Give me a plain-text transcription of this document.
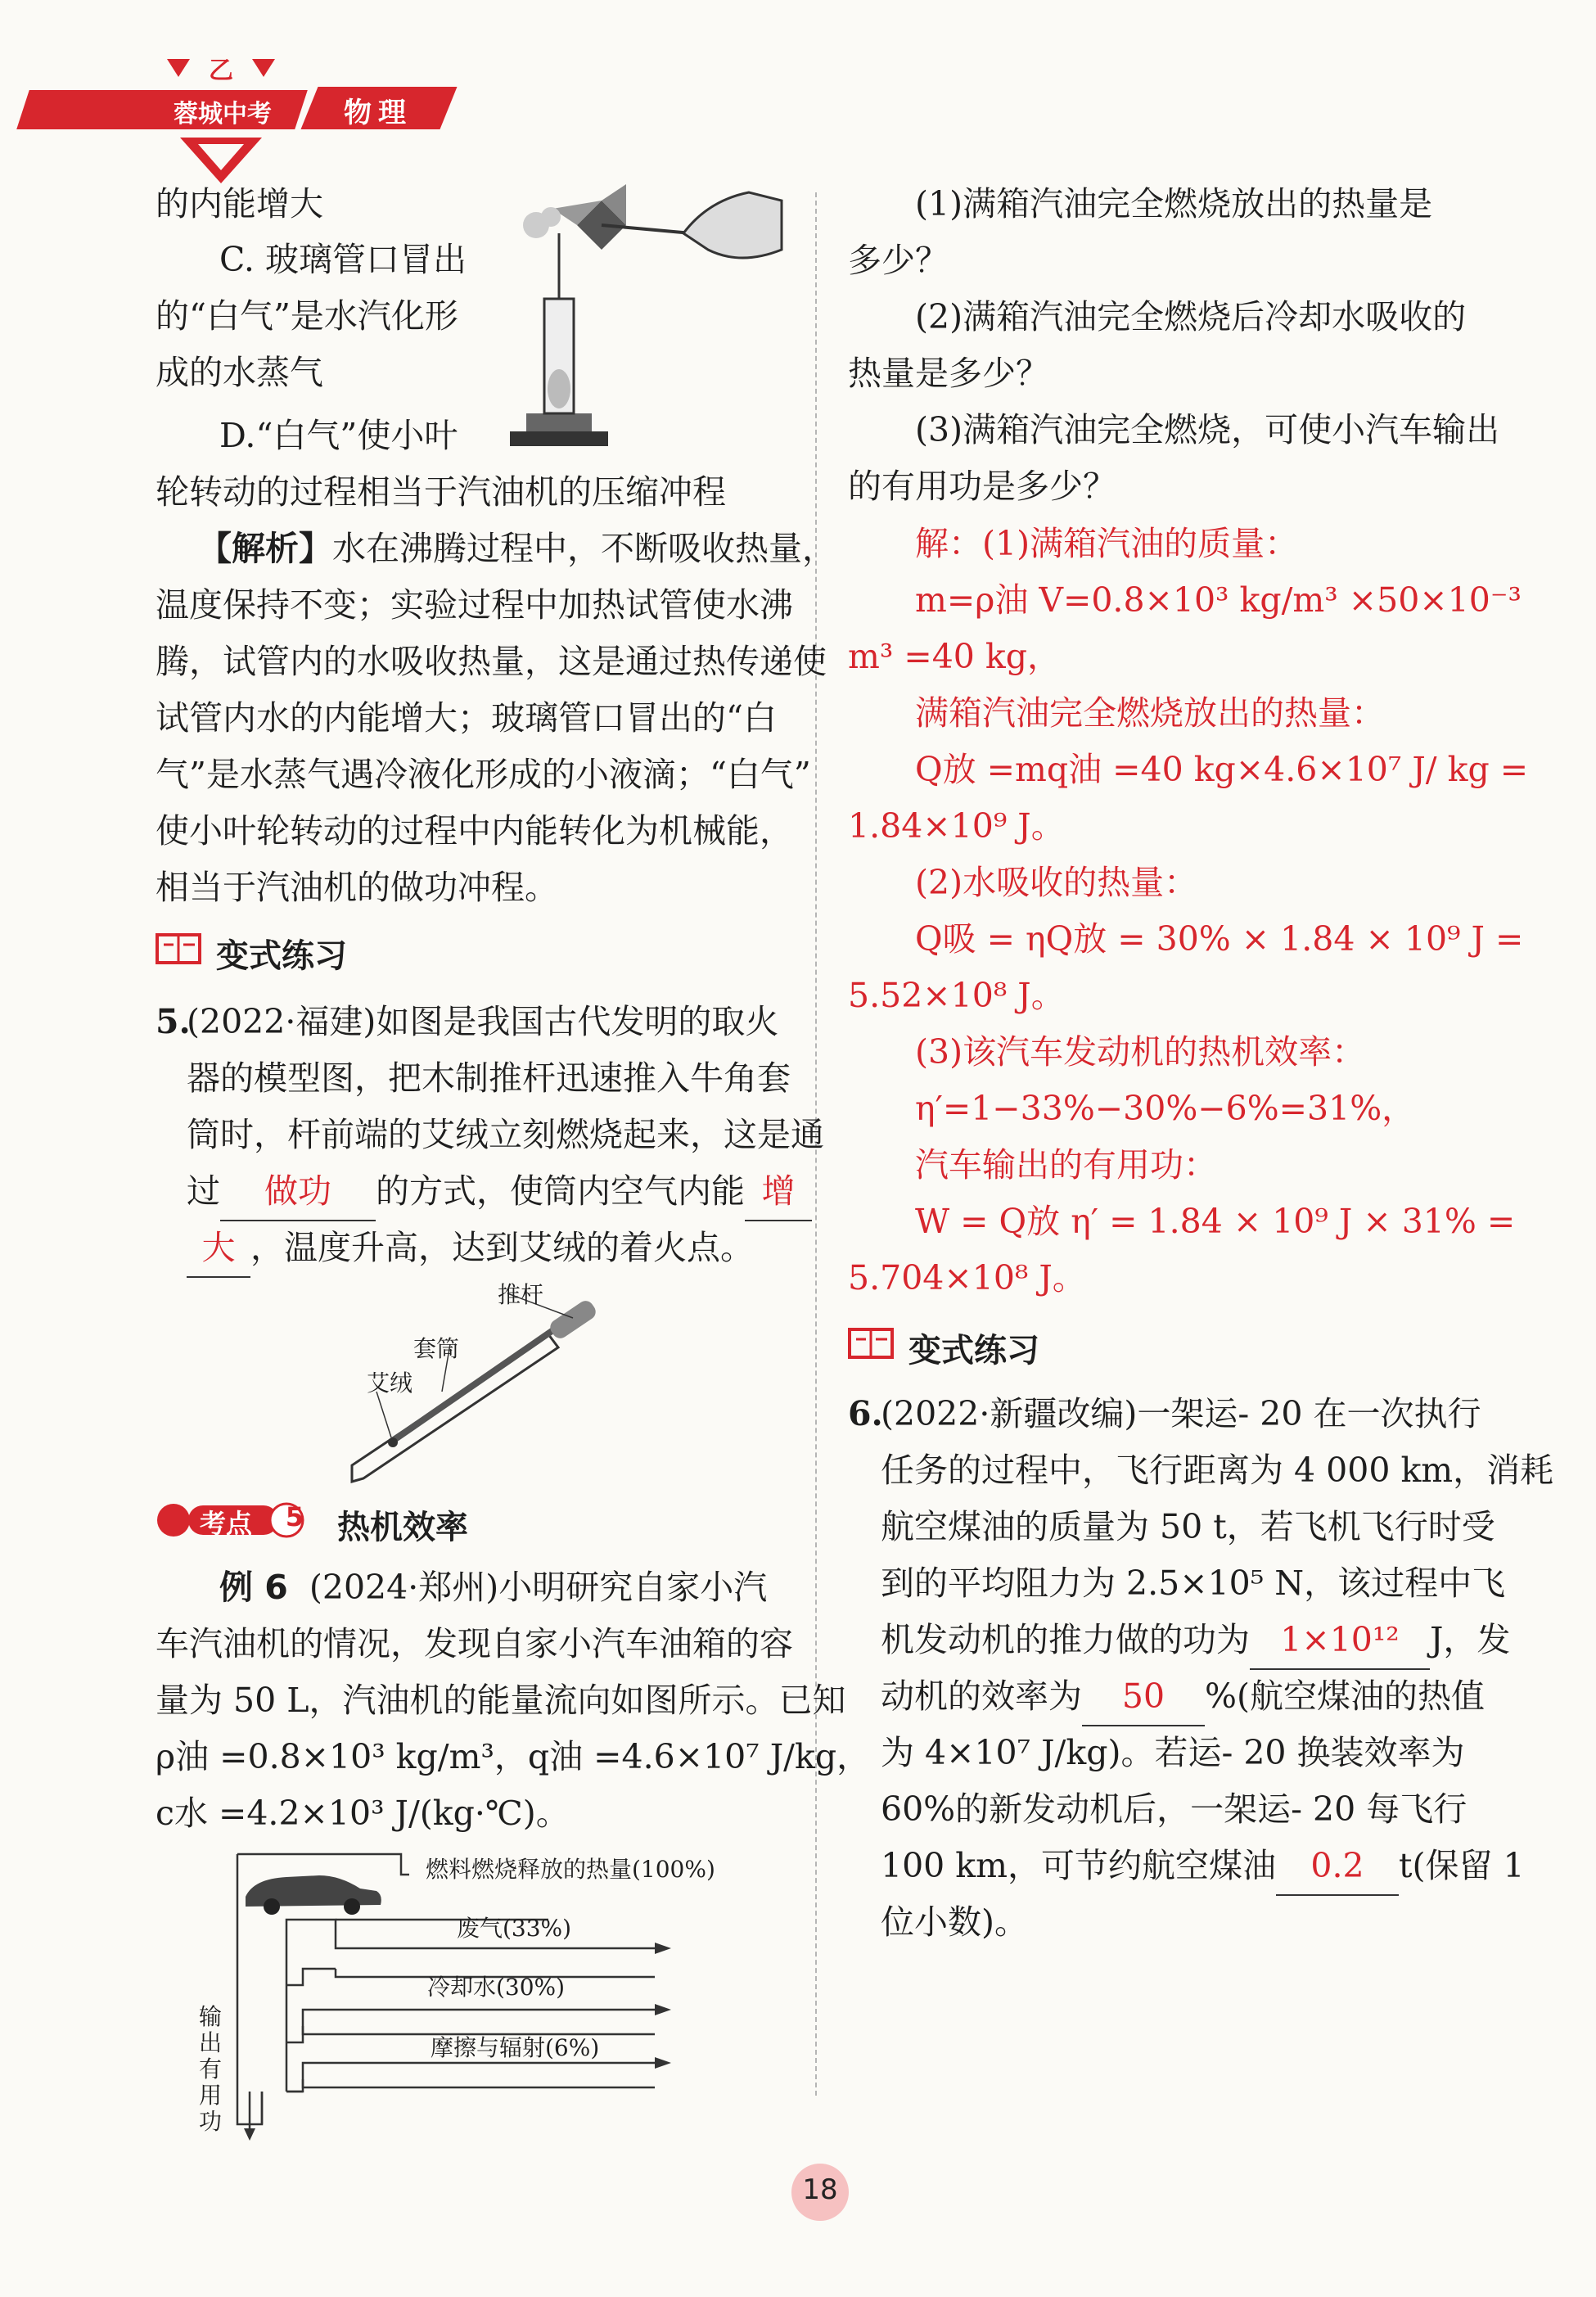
乙
蓉城中考	物理
的内能增大
C. 玻璃管口冒出
的“白气”是水汽化形
成的水蒸气
D.“白气”使小叶
轮转动的过程相当于汽油机的压缩冲程
【解析】水在沸腾过程中，不断吸收热量，
温度保持不变；实验过程中加热试管使水沸
腾，试管内的水吸收热量，这是通过热传递使
试管内水的内能增大；玻璃管口冒出的“白
气”是水蒸气遇冷液化形成的小液滴；“白气”
使小叶轮转动的过程中内能转化为机械能，
相当于汽油机的做功冲程。
变式练习
5.
(2022·福建)如图是我国古代发明的取火
器的模型图，把木制推杆迅速推入牛角套
筒时，杆前端的艾绒立刻燃烧起来，这是通
过 做功 的方式，使筒内空气内能 增
大 ，温度升高，达到艾绒的着火点。
推杆
套筒
艾绒
考点 5 热机效率
例 6 (2024·郑州)小明研究自家小汽
车汽油机的情况，发现自家小汽车油箱的容
量为 50 L，汽油机的能量流向如图所示。已知
ρ油 =0.8×10³ kg/m³，q油 =4.6×10⁷ J/kg，
c水 =4.2×10³ J/(kg·℃)。
燃料燃烧释放的热量(100%)
废气(33%)
冷却水(30%)
摩擦与辐射(6%)
输
出
有
用
功
(1)满箱汽油完全燃烧放出的热量是
多少？
(2)满箱汽油完全燃烧后冷却水吸收的
热量是多少？
(3)满箱汽油完全燃烧，可使小汽车输出
的有用功是多少？
解：(1)满箱汽油的质量：
m=ρ油 V=0.8×10³ kg/m³ ×50×10⁻³
m³ =40 kg，
满箱汽油完全燃烧放出的热量：
Q放 =mq油 =40 kg×4.6×10⁷ J/ kg =
1.84×10⁹ J。
(2)水吸收的热量：
Q吸 = ηQ放 = 30% × 1.84 × 10⁹ J =
5.52×10⁸ J。
(3)该汽车发动机的热机效率：
η′=1−33%−30%−6%=31%，
汽车输出的有用功：
W = Q放 η′ = 1.84 × 10⁹ J × 31% =
5.704×10⁸ J。
变式练习
6.
(2022·新疆改编)一架运- 20 在一次执行
任务的过程中，飞行距离为 4 000 km，消耗
航空煤油的质量为 50 t，若飞机飞行时受
到的平均阻力为 2.5×10⁵ N，该过程中飞
机发动机的推力做的功为 1×10¹² J，发
动机的效率为 50 %(航空煤油的热值
为 4×10⁷ J/kg)。若运- 20 换装效率为
60%的新发动机后，一架运- 20 每飞行
100 km，可节约航空煤油 0.2 t(保留 1
位小数)。
18
